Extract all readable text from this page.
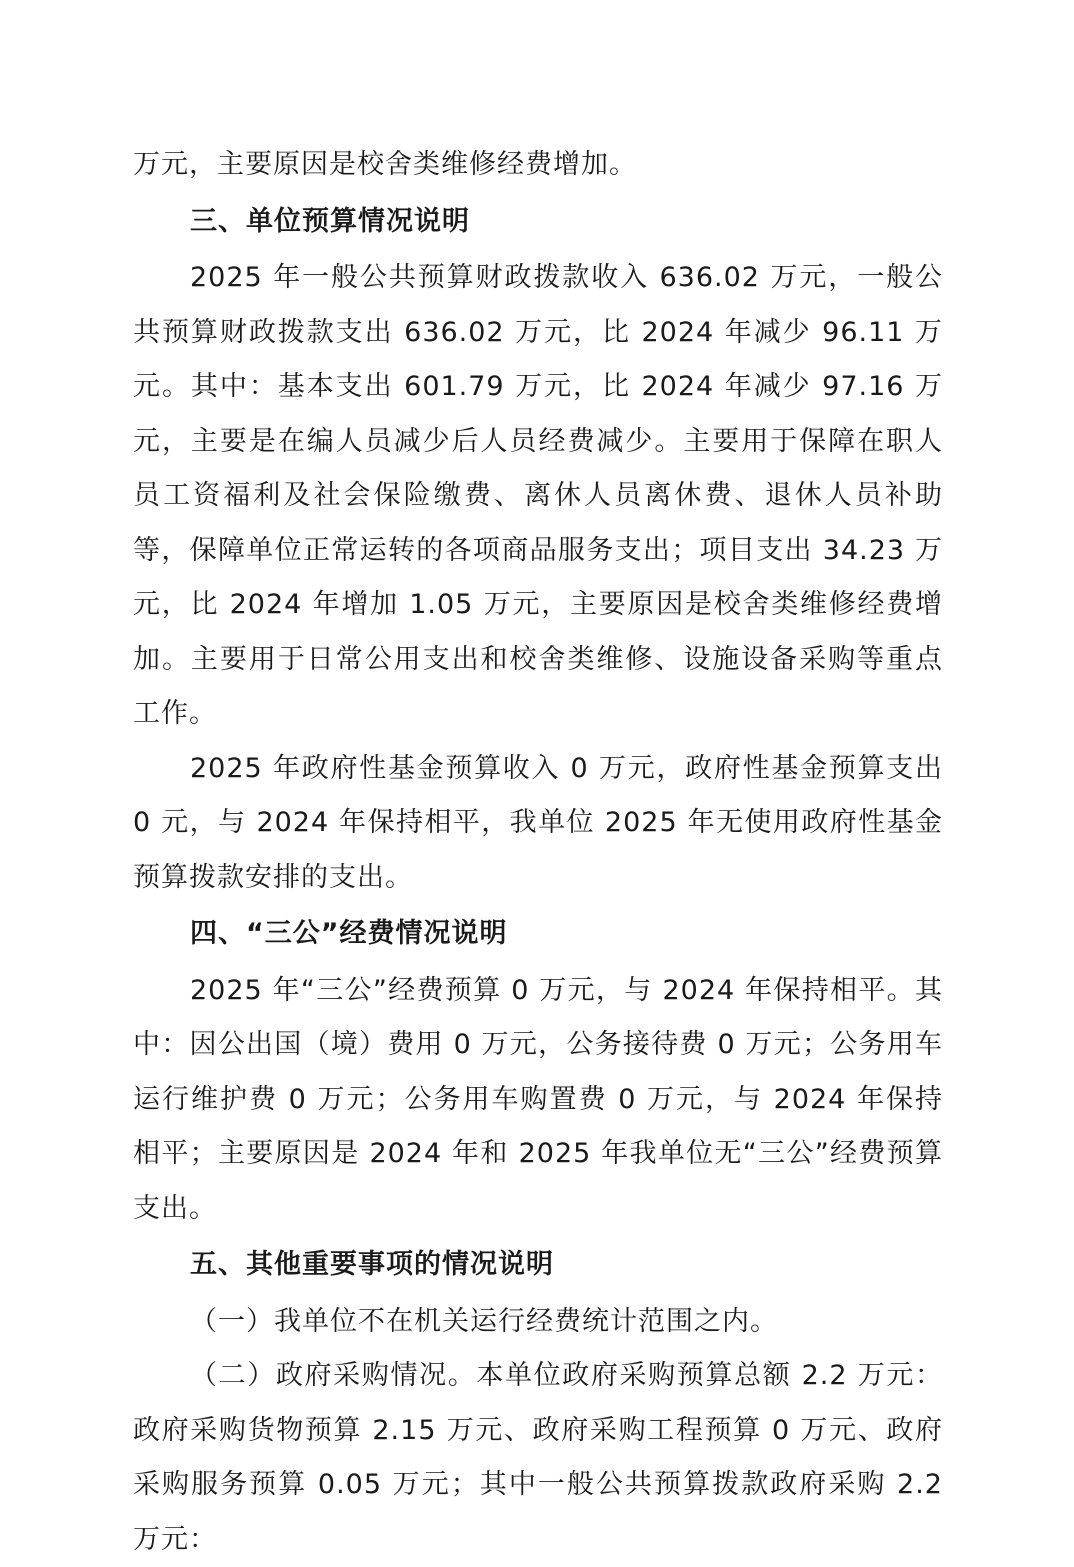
万元，主要原因是校舍类维修经费增加。

三、单位预算情况说明

2025 年一般公共预算财政拨款收入 636.02 万元，一般公共预算财政拨款支出 636.02 万元，比 2024 年减少 96.11 万元。其中：基本支出 601.79 万元，比 2024 年减少 97.16 万元，主要是在编人员减少后人员经费减少。主要用于保障在职人员工资福利及社会保险缴费、离休人员离休费、退休人员补助等，保障单位正常运转的各项商品服务支出；项目支出 34.23 万元，比 2024 年增加 1.05 万元，主要原因是校舍类维修经费增加。主要用于日常公用支出和校舍类维修、设施设备采购等重点工作。

2025 年政府性基金预算收入 0 万元，政府性基金预算支出 0 元，与 2024 年保持相平，我单位 2025 年无使用政府性基金预算拨款安排的支出。

四、“三公”经费情况说明

2025 年“三公”经费预算 0 万元，与 2024 年保持相平。其中：因公出国（境）费用 0 万元，公务接待费 0 万元；公务用车运行维护费 0 万元；公务用车购置费 0 万元，与 2024 年保持相平；主要原因是 2024 年和 2025 年我单位无“三公”经费预算支出。

五、其他重要事项的情况说明

（一）我单位不在机关运行经费统计范围之内。

（二）政府采购情况。本单位政府采购预算总额 2.2 万元：政府采购货物预算 2.15 万元、政府采购工程预算 0 万元、政府采购服务预算 0.05 万元；其中一般公共预算拨款政府采购 2.2 万元：
